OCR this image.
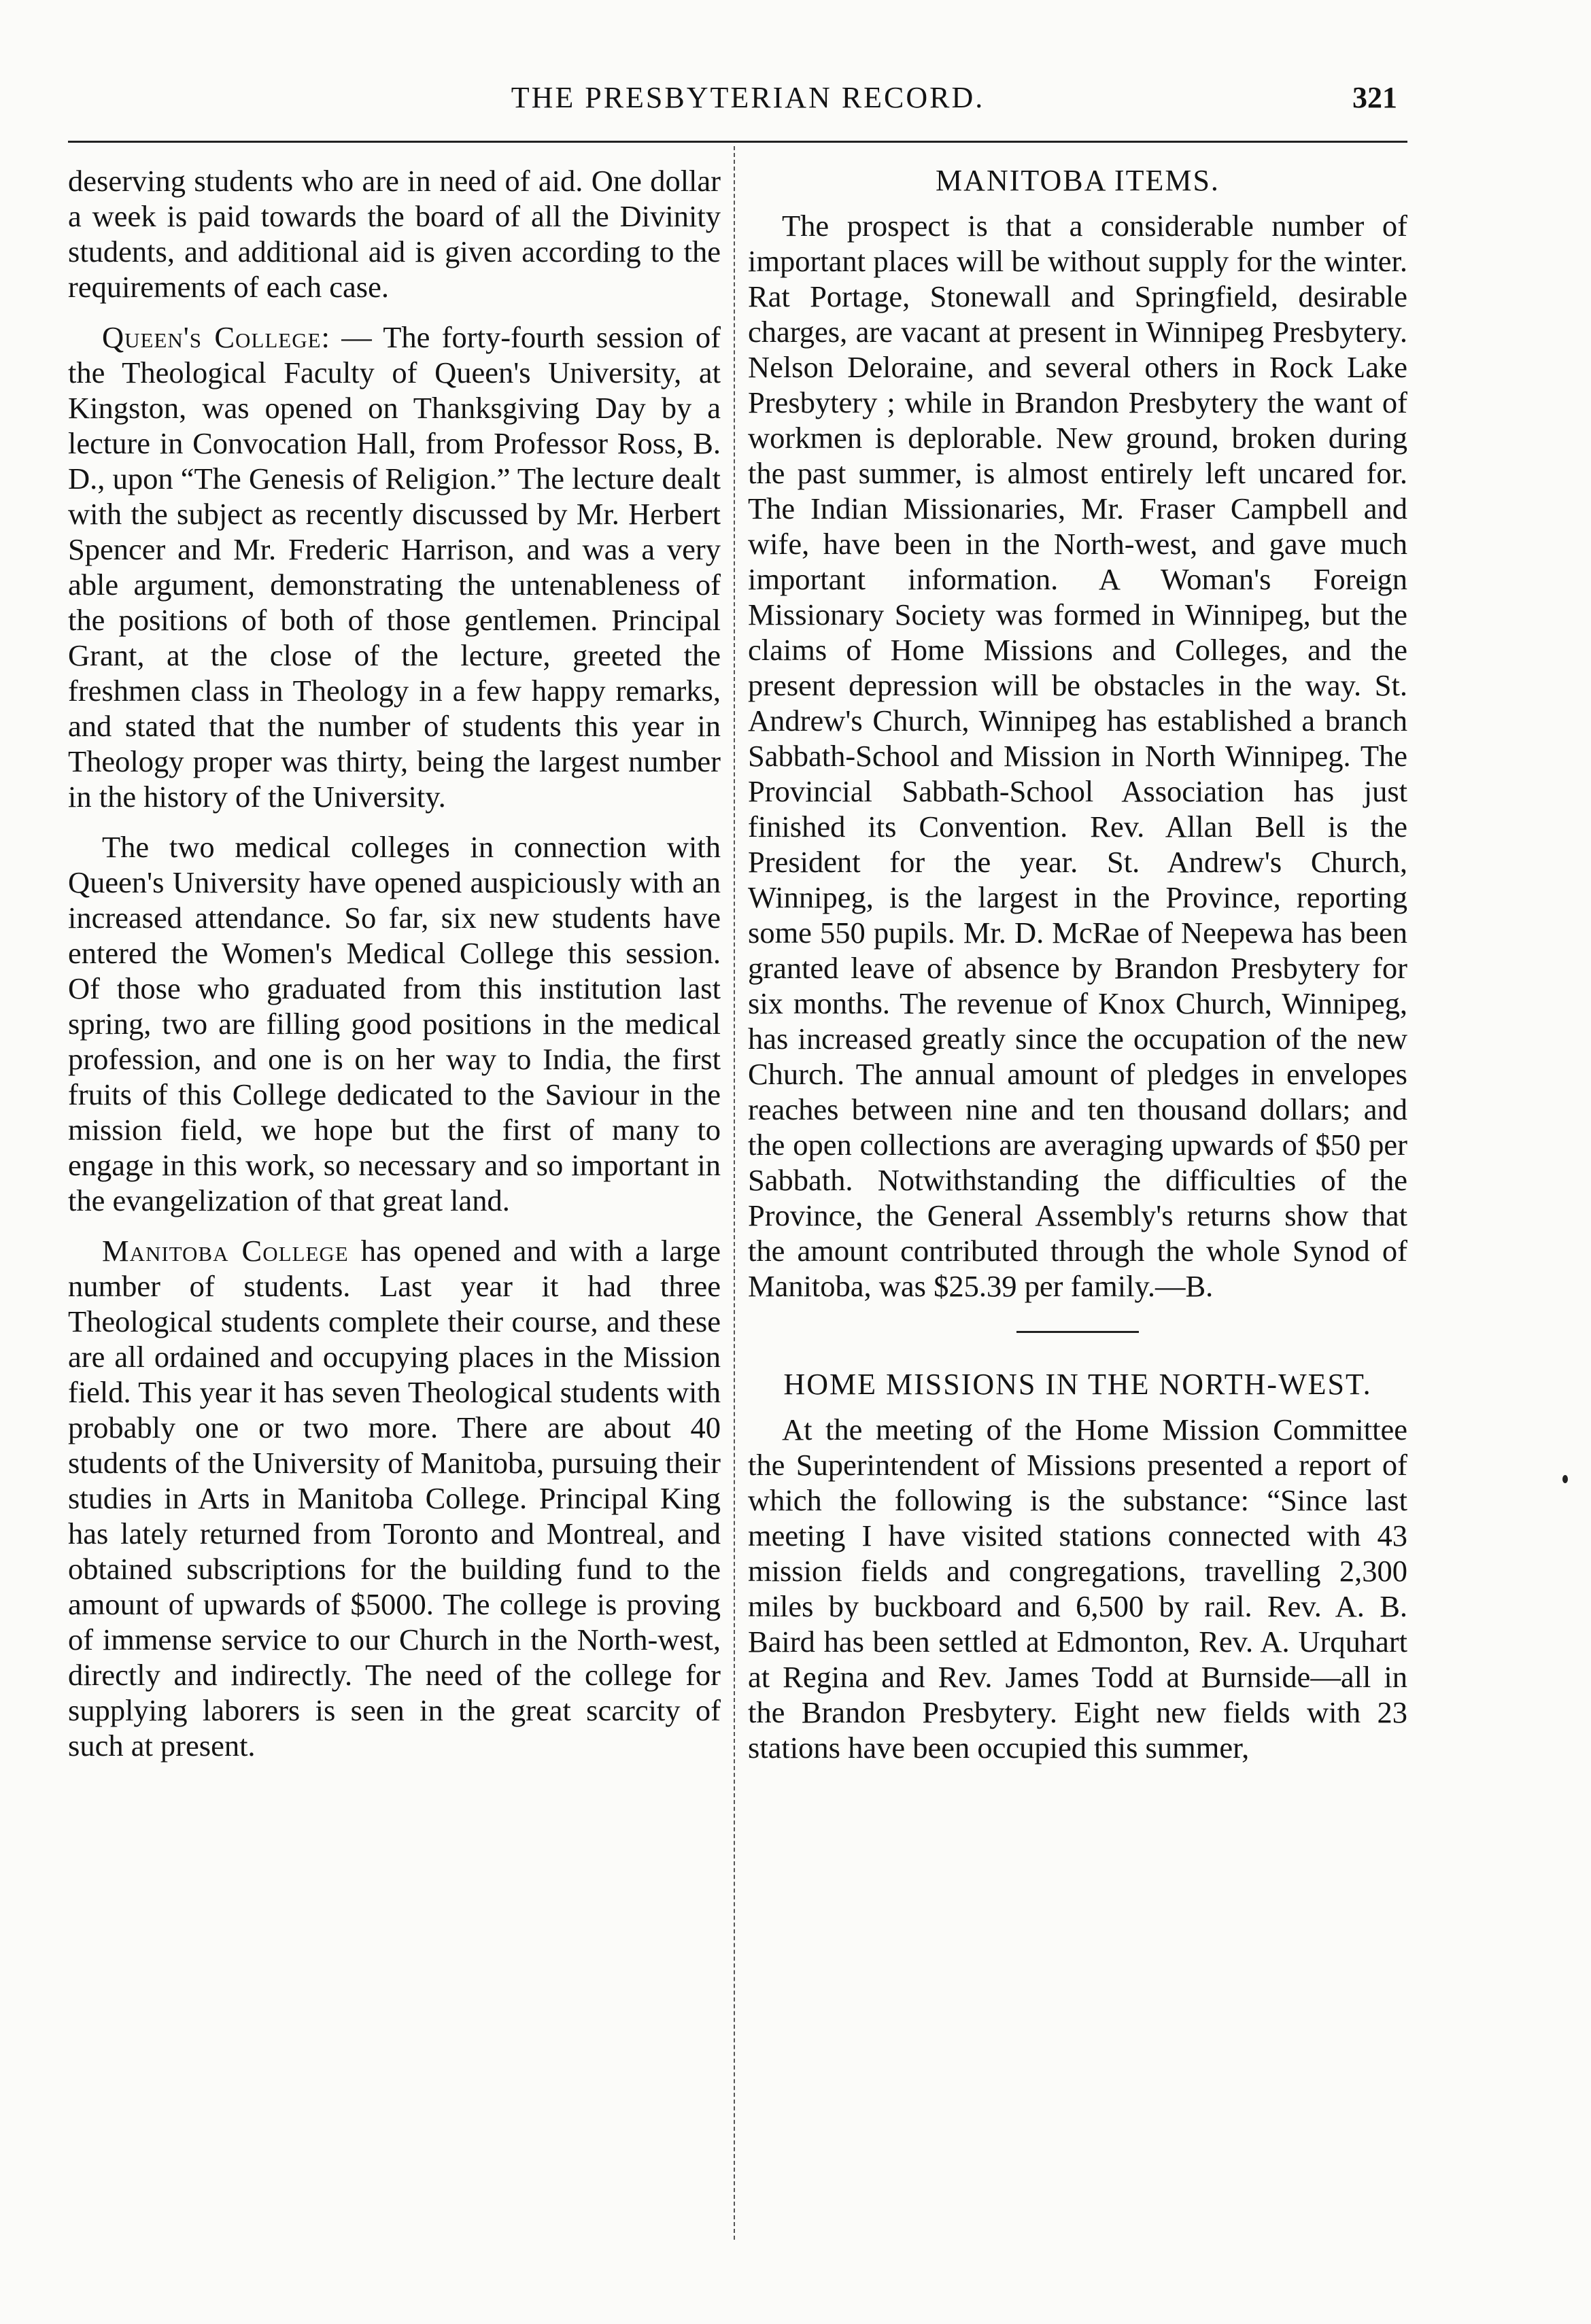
THE PRESBYTERIAN RECORD.	321

deserving students who are in need of aid. One dollar a week is paid towards the board of all the Divinity students, and additional aid is given according to the requirements of each case.

Queen's College: — The forty-fourth session of the Theological Faculty of Queen's University, at Kingston, was opened on Thanksgiving Day by a lecture in Convocation Hall, from Professor Ross, B. D., upon “The Genesis of Religion.” The lecture dealt with the subject as recently discussed by Mr. Herbert Spencer and Mr. Frederic Harrison, and was a very able argument, demonstrating the untenableness of the positions of both of those gentlemen. Principal Grant, at the close of the lecture, greeted the freshmen class in Theology in a few happy remarks, and stated that the number of students this year in Theology proper was thirty, being the largest number in the history of the University.

The two medical colleges in connection with Queen's University have opened auspiciously with an increased attendance. So far, six new students have entered the Women's Medical College this session. Of those who graduated from this institution last spring, two are filling good positions in the medical profession, and one is on her way to India, the first fruits of this College dedicated to the Saviour in the mission field, we hope but the first of many to engage in this work, so necessary and so important in the evangelization of that great land.

Manitoba College has opened and with a large number of students. Last year it had three Theological students complete their course, and these are all ordained and occupying places in the Mission field. This year it has seven Theological students with probably one or two more. There are about 40 students of the University of Manitoba, pursuing their studies in Arts in Manitoba College. Principal King has lately returned from Toronto and Montreal, and obtained subscriptions for the building fund to the amount of upwards of $5000. The college is proving of immense service to our Church in the North-west, directly and indirectly. The need of the college for supplying laborers is seen in the great scarcity of such at present.

MANITOBA ITEMS.

The prospect is that a considerable number of important places will be without supply for the winter. Rat Portage, Stonewall and Springfield, desirable charges, are vacant at present in Winnipeg Presbytery. Nelson Deloraine, and several others in Rock Lake Presbytery ; while in Brandon Presbytery the want of workmen is deplorable. New ground, broken during the past summer, is almost entirely left uncared for. The Indian Missionaries, Mr. Fraser Campbell and wife, have been in the North-west, and gave much important information. A Woman's Foreign Missionary Society was formed in Winnipeg, but the claims of Home Missions and Colleges, and the present depression will be obstacles in the way. St. Andrew's Church, Winnipeg has established a branch Sabbath-School and Mission in North Winnipeg. The Provincial Sabbath-School Association has just finished its Convention. Rev. Allan Bell is the President for the year. St. Andrew's Church, Winnipeg, is the largest in the Province, reporting some 550 pupils. Mr. D. McRae of Neepewa has been granted leave of absence by Brandon Presbytery for six months. The revenue of Knox Church, Winnipeg, has increased greatly since the occupation of the new Church. The annual amount of pledges in envelopes reaches between nine and ten thousand dollars; and the open collections are averaging upwards of $50 per Sabbath. Notwithstanding the difficulties of the Province, the General Assembly's returns show that the amount contributed through the whole Synod of Manitoba, was $25.39 per family.—B.

HOME MISSIONS IN THE NORTH-WEST.

At the meeting of the Home Mission Committee the Superintendent of Missions presented a report of which the following is the substance: “Since last meeting I have visited stations connected with 43 mission fields and congregations, travelling 2,300 miles by buckboard and 6,500 by rail. Rev. A. B. Baird has been settled at Edmonton, Rev. A. Urquhart at Regina and Rev. James Todd at Burnside—all in the Brandon Presbytery. Eight new fields with 23 stations have been occupied this summer,
